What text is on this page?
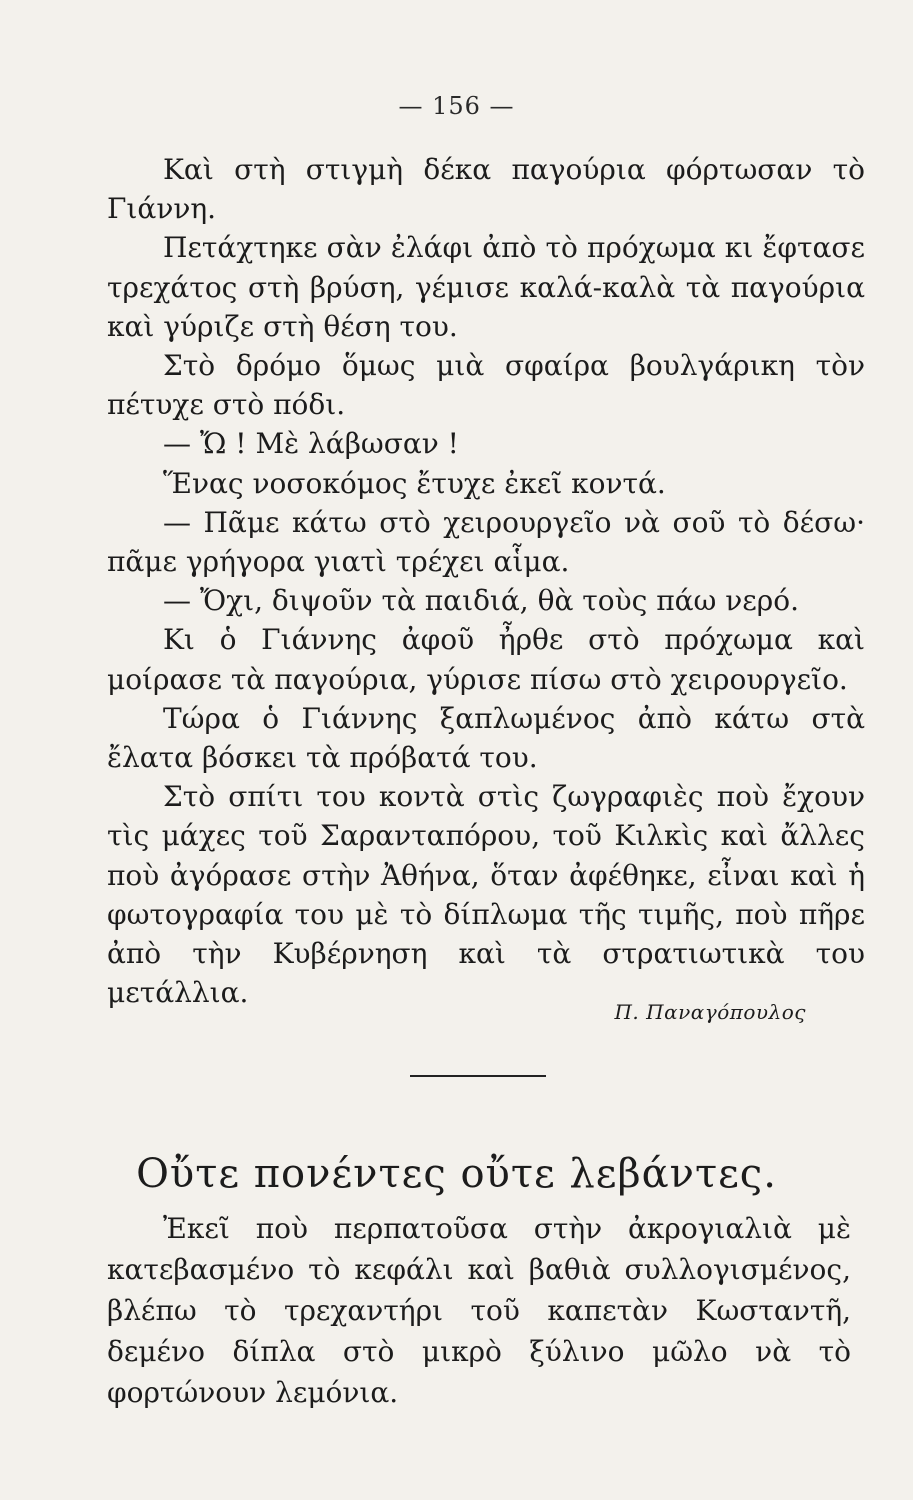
— 156 —

Καὶ στὴ στιγμὴ δέκα παγούρια φόρτωσαν τὸ Γιάννη.

Πετάχτηκε σὰν ἐλάφι ἀπὸ τὸ πρόχωμα κι ἔφτασε τρεχάτος στὴ βρύση, γέμισε καλά-καλὰ τὰ παγούρια καὶ γύριζε στὴ θέση του.

Στὸ δρόμο ὅμως μιὰ σφαίρα βουλγάρικη τὸν πέτυχε στὸ πόδι.

— Ὤ ! Μὲ λάβωσαν !

Ἕνας νοσοκόμος ἔτυχε ἐκεῖ κοντά.

— Πᾶμε κάτω στὸ χειρουργεῖο νὰ σοῦ τὸ δέσω· πᾶμε γρήγορα γιατὶ τρέχει αἷμα.

— Ὄχι, διψοῦν τὰ παιδιά, θὰ τοὺς πάω νερό.

Κι ὁ Γιάννης ἀφοῦ ἦρθε στὸ πρόχωμα καὶ μοίρασε τὰ παγούρια, γύρισε πίσω στὸ χειρουργεῖο.

Τώρα ὁ Γιάννης ξαπλωμένος ἀπὸ κάτω στὰ ἔλατα βόσκει τὰ πρόβατά του.

Στὸ σπίτι του κοντὰ στὶς ζωγραφιὲς ποὺ ἔχουν τὶς μάχες τοῦ Σαρανταπόρου, τοῦ Κιλκὶς καὶ ἄλλες ποὺ ἀγόρασε στὴν Ἀθήνα, ὅταν ἀφέθηκε, εἶναι καὶ ἡ φωτογραφία του μὲ τὸ δίπλωμα τῆς τιμῆς, ποὺ πῆρε ἀπὸ τὴν Κυβέρνηση καὶ τὰ στρατιωτικὰ του μετάλλια.

Π. Παναγόπουλος
Οὔτε πονέντες οὔτε λεβάντες.

Ἐκεῖ ποὺ περπατοῦσα στὴν ἀκρογιαλιὰ μὲ κατεβασμένο τὸ κεφάλι καὶ βαθιὰ συλλογισμένος, βλέπω τὸ τρεχαντήρι τοῦ καπετὰν Κωσταντῆ, δεμένο δίπλα στὸ μικρὸ ξύλινο μῶλο νὰ τὸ φορτώνουν λεμόνια.
